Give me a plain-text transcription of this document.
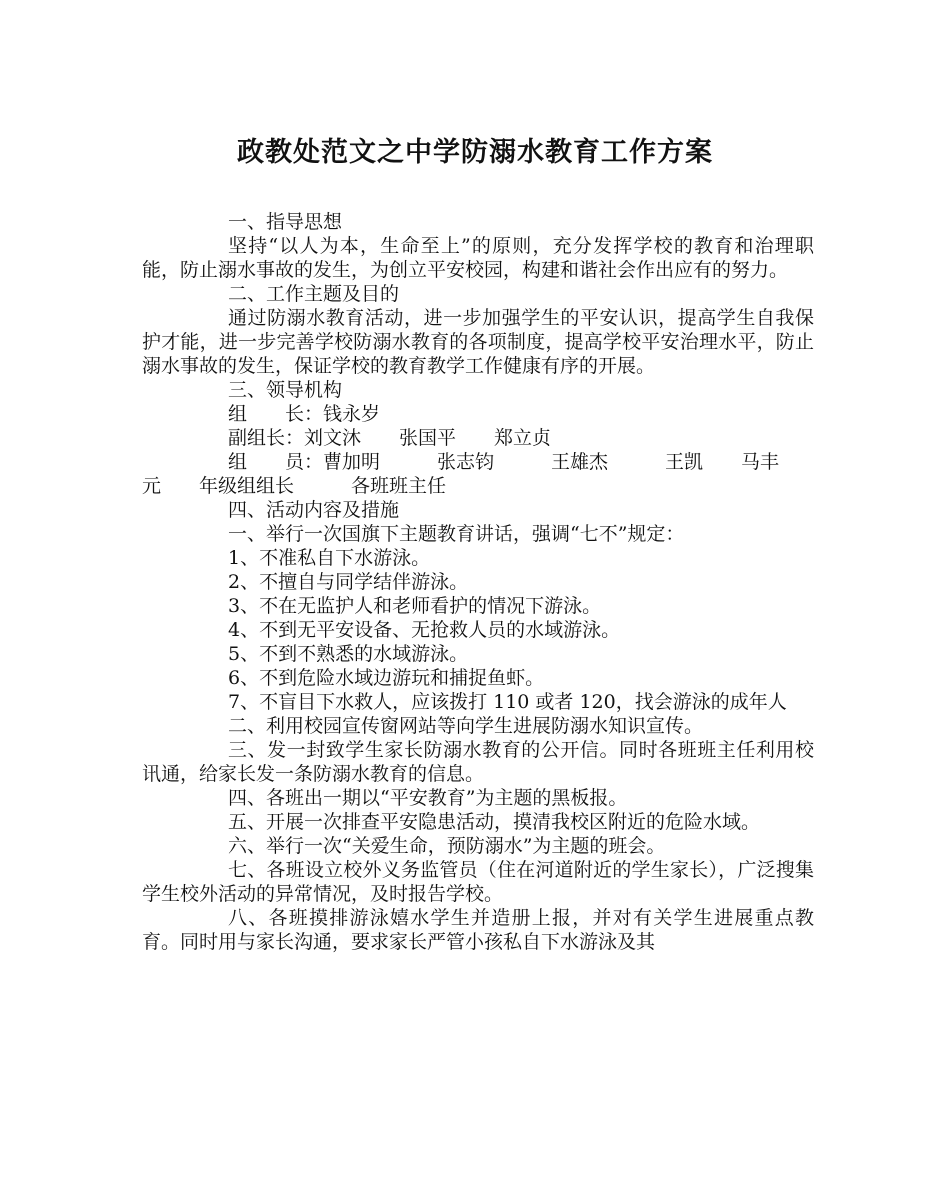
政教处范文之中学防溺水教育工作方案

一、指导思想

坚持“以人为本，生命至上”的原则，充分发挥学校的教育和治理职能，防止溺水事故的发生，为创立平安校园，构建和谐社会作出应有的努力。

二、工作主题及目的

通过防溺水教育活动，进一步加强学生的平安认识，提高学生自我保护才能，进一步完善学校防溺水教育的各项制度，提高学校平安治理水平，防止溺水事故的发生，保证学校的教育教学工作健康有序的开展。

三、领导机构

组　　长：钱永岁

副组长：刘文沐　　张国平　　郑立贞

组　　员：曹加明　　　张志钧　　　王雄杰　　　王凯　　马丰

元　　年级组组长　　　各班班主任

四、活动内容及措施

一、举行一次国旗下主题教育讲话，强调“七不”规定：

1、不准私自下水游泳。

2、不擅自与同学结伴游泳。

3、不在无监护人和老师看护的情况下游泳。

4、不到无平安设备、无抢救人员的水域游泳。

5、不到不熟悉的水域游泳。

6、不到危险水域边游玩和捕捉鱼虾。

7、不盲目下水救人，应该拨打 110 或者 120，找会游泳的成年人

二、利用校园宣传窗网站等向学生进展防溺水知识宣传。

三、发一封致学生家长防溺水教育的公开信。同时各班班主任利用校讯通，给家长发一条防溺水教育的信息。

四、各班出一期以“平安教育”为主题的黑板报。

五、开展一次排查平安隐患活动，摸清我校区附近的危险水域。

六、举行一次“关爱生命，预防溺水”为主题的班会。

七、各班设立校外义务监管员（住在河道附近的学生家长），广泛搜集学生校外活动的异常情况，及时报告学校。

八、各班摸排游泳嬉水学生并造册上报，并对有关学生进展重点教育。同时用与家长沟通，要求家长严管小孩私自下水游泳及其
